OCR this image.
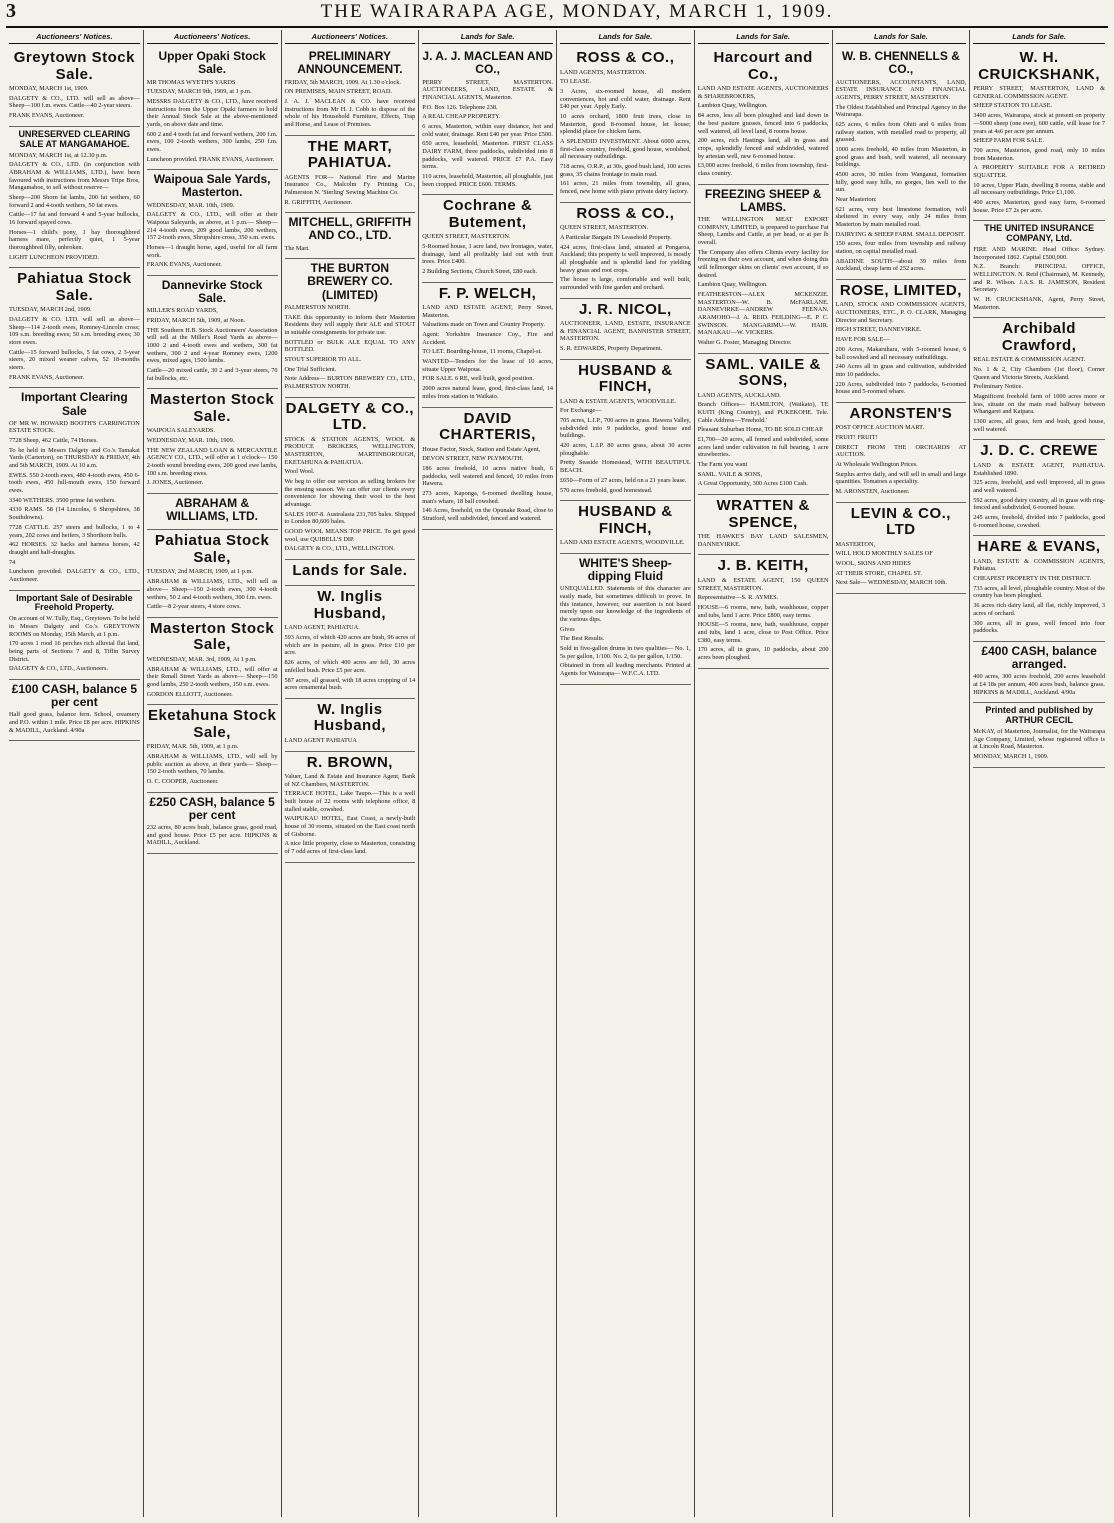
3	THE WAIRARAPA AGE, MONDAY, MARCH 1, 1909.
Auctioneers' Notices.
Greytown Stock Sale.

MONDAY, MARCH 1st, 1909.

DALGETY & CO., LTD. will sell as above— Sheep—100 f.m. ewes. Cattle—40 2-year steers.

FRANK EVANS, Auctioneer.

UNRESERVED CLEARING SALE AT MANGAMAHOE.

MONDAY, MARCH 1st, at 12.30 p.m.

DALGETY & CO., LTD. (in conjunction with ABRAHAM & WILLIAMS, LTD.), have been favoured with instructions from Messrs Tripe Bros, Mangamahoe, to sell without reserve—

Sheep—200 Shorn fat lambs, 200 fat wethers, 60 forward 2 and 4-tooth wethers, 50 fat ewes.

Cattle—17 fat and forward 4 and 5-year bullocks, 16 forward spayed cows.

Horses—1 child's pony, 1 bay thoroughbred harness mare, perfectly quiet, 1 5-year thoroughbred filly, unbroken.

LIGHT LUNCHEON PROVIDED.

Pahiatua Stock Sale.

TUESDAY, MARCH 2nd, 1909.

DALGETY & CO. LTD. will sell as above— Sheep—114 2-tooth ewes, Romney-Lincoln cross; 109 s.m. breeding ewes; 50 s.m. breeding ewes; 30 store ewes.

Cattle—15 forward bullocks, 5 fat cows, 2 3-year steers, 20 mixed weaner calves, 52 18-months steers.

FRANK EVANS, Auctioneer.

Important Clearing Sale

OF MR W. HOWARD BOOTH'S CARRINGTON ESTATE STOCK.

7728 Sheep, 462 Cattle, 74 Horses.

To be held in Messrs Dalgety and Co.'s Tamakai Yards (Carterton), on THURSDAY & FRIDAY, 4th and 5th MARCH, 1909. At 10 a.m.

EWES. 550 2-tooth ewes, 480 4-tooth ewes, 450 6-tooth ewes, 450 full-mouth ewes, 150 forward ewes.

3340 WETHERS. 3500 prime fat wethers.

4330 RAMS. 58 (14 Lincolns, 6 Shropshires, 38 Southdowns).

7728 CATTLE. 257 steers and bullocks, 1 to 4 years, 202 cows and heifers, 3 Shorthorn bulls.

462 HORSES. 32 hacks and harness horses, 42 draught and half-draughts.

74

Luncheon provided. DALGETY & CO., LTD., Auctioneer.

Important Sale of Desirable Freehold Property.

On account of W. Tully, Esq., Greytown. To be held in Messrs Dalgety and Co.'s GREYTOWN ROOMS on Monday, 15th March, at 1 p.m.

170 acres 1 rood 16 perches rich alluvial flat land, being parts of Sections 7 and 8, Tiffin Survey District.

DALGETY & CO., LTD., Auctioneers.

£100 CASH, balance 5 per cent

Half good grass, balance fern. School, creamery and P.O. within 1 mile. Price £8 per acre. HIPKINS & MADILL, Auckland. 4/90a

Auctioneers' Notices.
Upper Opaki Stock Sale.

MR THOMAS WYETH'S YARDS

TUESDAY, MARCH 9th, 1909, at 1 p.m.

MESSRS DALGETY & CO., LTD., have received instructions from the Upper Opaki farmers to hold their Annual Stock Sale at the above-mentioned yards, on above date and time.

600 2 and 4 tooth fat and forward wethers, 200 f.m. ewes, 100 2-tooth wethers, 300 lambs, 250 f.m. ewes.

Luncheon provided. FRANK EVANS, Auctioneer.

Waipoua Sale Yards, Masterton.

WEDNESDAY, MAR. 10th, 1909.

DALGETY & CO., LTD., will offer at their Waipoua Saleyards, as above, at 1 p.m.— Sheep—214 4-tooth ewes, 209 good lambs, 200 wethers, 157 2-tooth ewes, Shropshire cross, 350 s.m. ewes.

Horses—1 draught horse, aged, useful for all farm work.

FRANK EVANS, Auctioneer.

Dannevirke Stock Sale.

MILLER'S ROAD YARDS,

FRIDAY, MARCH 5th, 1909, at Noon.

THE Southern H.B. Stock Auctioneers' Association will sell at the Miller's Road Yards as above— 1000 2 and 4-tooth ewes and wethers, 300 fat wethers, 300 2 and 4-year Romney ewes, 1200 ewes, mixed ages, 1500 lambs.

Cattle—20 mixed cattle, 30 2 and 3-year steers, 70 fat bullocks, etc.

Masterton Stock Sale.

WAIPOUA SALEYARDS.

WEDNESDAY, MAR. 10th, 1909.

THE NEW ZEALAND LOAN & MERCANTILE AGENCY CO., LTD., will offer at 1 o'clock— 150 2-tooth sound breeding ewes, 200 good ewe lambs, 100 s.m. breeding ewes.

J. JONES, Auctioneer.

ABRAHAM & WILLIAMS, LTD.
Pahiatua Stock Sale,

TUESDAY, 2nd MARCH, 1909, at 1 p.m.

ABRAHAM & WILLIAMS, LTD., will sell as above— Sheep—150 2-tooth ewes, 300 4-tooth wethers, 50 2 and 4-tooth wethers, 300 f.m. ewes.

Cattle—8 2-year steers, 4 store cows.

Masterton Stock Sale,

WEDNESDAY, MAR. 3rd, 1909, At 1 p.m.

ABRAHAM & WILLIAMS, LTD., will offer at their Renall Street Yards as above— Sheep—150 good lambs, 250 2-tooth wethers, 150 s.m. ewes.

GORDON ELLIOTT, Auctioneer.

Eketahuna Stock Sale,

FRIDAY, MAR. 5th, 1909, at 1 p.m.

ABRAHAM & WILLIAMS, LTD., will sell by public auction as above, at their yards— Sheep—150 2-tooth wethers, 70 lambs.

O. C. COOPER, Auctioneer.

£250 CASH, balance 5 per cent

232 acres, 80 acres bush, balance grass, good road, and good house. Price £5 per acre. HIPKINS & MADILL, Auckland.

Auctioneers' Notices.
PRELIMINARY ANNOUNCEMENT.

FRIDAY, 5th MARCH, 1909. At 1.30 o'clock.

ON PREMISES, MAIN STREET, ROAD.

J. A. J. MACLEAN & CO. have received instructions from Mr H. J. Cobb to dispose of the whole of his Household Furniture, Effects, Trap and Horse, and Lease of Premises.

THE MART, PAHIATUA.

AGENTS FOR— National Fire and Marine Insurance Co., Malcolm Fy Printing Co., Palmerston N. 'Sterling' Sewing Machine Co.

R. GRIFFITH, Auctioneer.

MITCHELL, GRIFFITH AND CO., LTD.

The Mart.

THE BURTON BREWERY CO. (LIMITED)

PALMERSTON NORTH.

TAKE this opportunity to inform their Masterton Residents they will supply their ALE and STOUT in suitable consignments for private use.

BOTTLED or BULK ALE EQUAL TO ANY BOTTLED.

STOUT SUPERIOR TO ALL.

One Trial Sufficient.

Note Address— BURTON BREWERY CO., LTD., PALMERSTON NORTH.

DALGETY & CO., LTD.

STOCK & STATION AGENTS, WOOL & PRODUCE BROKERS, WELLINGTON, MASTERTON, MARTINBOROUGH, EKETAHUNA & PAHIATUA.

Wool Wool.

We beg to offer our services as selling brokers for the ensuing season. We can offer our clients every convenience for showing their wool to the best advantage.

SALES 1907-8. Australasia 231,705 bales. Shipped to London 80,606 bales.

GOOD WOOL MEANS TOP PRICE. To get good wool, use QUIBELL'S DIP.

DALGETY & CO., LTD., WELLINGTON.

Lands for Sale.
W. Inglis Husband,

LAND AGENT, PAHIATUA.

593 Acres, of which 420 acres are bush, 96 acres of which are in pasture, all in grass. Price £10 per acre.

826 acres, of which 400 acres are fell, 30 acres unfelled bush. Price £5 per acre.

587 acres, all grassed, with 18 acres cropping of 14 acres ornamental bush.

W. Inglis Husband,

LAND AGENT PAHIATUA

R. BROWN,

Valuer, Land & Estate and Insurance Agent, Bank of NZ Chambers, MASTERTON.

TERRACE HOTEL, Lake Taupo.—This is a well built house of 22 rooms with telephone office, 8 stalled stable, cowshed.

WAIPUKAU HOTEL, East Coast, a newly-built house of 30 rooms, situated on the East coast north of Gisborne.

A nice little property, close to Masterton, consisting of 7 odd acres of first-class land.

Lands for Sale.
J. A. J. MACLEAN AND CO.,

PERRY STREET, MASTERTON. AUCTIONEERS, LAND, ESTATE & FINANCIAL AGENTS, Masterton.

P.O. Box 126. Telephone 238.

A REAL CHEAP PROPERTY.

6 acres, Masterton, within easy distance, hot and cold water, drainage. Rent £40 per year. Price £500.

650 acres, leasehold, Masterton. FIRST CLASS DAIRY FARM, three paddocks, subdivided into 8 paddocks, well watered. PRICE £7 P.A. Easy terms.

110 acres, leasehold, Masterton, all ploughable, just been cropped. PRICE £600. TERMS.

Cochrane & Butement,

QUEEN STREET, MASTERTON.

5-Roomed house, 1 acre land, two frontages, water, drainage, land all profitably laid out with fruit trees. Price £400.

2 Building Sections, Church Street, £80 each.

F. P. WELCH,

LAND AND ESTATE AGENT, Perry Street, Masterton.

Valuations made on Town and Country Property.

Agent: Yorkshire Insurance Coy., Fire and Accident.

TO LET. Boarding-house, 11 rooms, Chapel-st.

WANTED—Tenders for the lease of 10 acres, situate Upper Waipoua.

FOR SALE. 6 RE, well built, good position.

2000 acres natural lease, good, first-class land, 14 miles from station in Waikato.

DAVID CHARTERIS,

House Factor, Stock, Station and Estate Agent,

DEVON STREET, NEW PLYMOUTH.

186 acres freehold, 10 acres native bush, 6 paddocks, well watered and fenced, 10 miles from Hawera.

273 acres, Kaponga, 6-roomed dwelling house, man's whare, 18 ball cowshed.

146 Acres, freehold, on the Opunake Road, close to Stratford, well subdivided, fenced and watered.

Lands for Sale.
ROSS & CO.,

LAND AGENTS, MASTERTON.

TO LEASE.

3 Acres, six-roomed house, all modern conveniences, hot and cold water, drainage. Rent £40 per year. Apply Early.

10 acres orchard, 1800 fruit trees, close to Masterton, good 8-roomed house, let house; splendid place for chicken farm.

A SPLENDID INVESTMENT. About 6000 acres, first-class country, freehold, good house, woolshed, all necessary outbuildings.

718 acres, O.R.P., at 30s, good bush land, 100 acres grass, 35 chains frontage to main road.

161 acres, 21 miles from township, all grass, fenced, new home with piano private dairy factory.

ROSS & CO.,

QUEEN STREET, MASTERTON.

A Particular Bargain IN Leasehold Property.

424 acres, first-class land, situated at Pongaroa, Auckland; this property is well improved, is mostly all ploughable and is splendid land for yielding heavy grass and root crops.

The house is large, comfortable and well built, surrounded with fine garden and orchard.

J. R. NICOL,

AUCTIONEER, LAND, ESTATE, INSURANCE & FINANCIAL AGENT, BANNISTER STREET, MASTERTON.

S. R. EDWARDS, Property Department.

HUSBAND & FINCH,

LAND & ESTATE AGENTS, WOODVILLE.

For Exchange—

705 acres, L.I.P., 700 acres in grass. Hawera Valley, subdivided into 9 paddocks, good house and buildings.

420 acres, L.I.P. 80 acres grass, about 30 acres ploughable.

Pretty Seaside Homestead, WITH BEAUTIFUL BEACH.

£650—Form of 27 acres, held on a 21 years lease.

570 acres freehold, good homestead.

HUSBAND & FINCH,

LAND AND ESTATE AGENTS, WOODVILLE.

WHITE'S Sheep-dipping Fluid

UNEQUALLED. Statements of this character are easily made, but sometimes difficult to prove. In this instance, however, our assertion is not based merely upon our knowledge of the ingredients of the various dips.

Gives

The Best Results.

Sold in five-gallon drums in two qualities— No. 1, 5s per gallon, 1/100. No. 2, 6s per gallon, 1/150.

Obtained in from all leading merchants. Printed at Agents for Wairarapa— W.F.C.A. LTD.

Lands for Sale.
Harcourt and Co.,

LAND AND ESTATE AGENTS, AUCTIONEERS & SHAREBROKERS,

Lambton Quay, Wellington.

84 acres, less all been ploughed and laid down in the best pasture grasses, fenced into 6 paddocks, well watered, all level land, 8 rooms house.

200 acres, rich Hastings land, all in grass and crops, splendidly fenced and subdivided, watered by artesian well, new 6-roomed house.

£3,000 acres freehold, 6 miles from township, first-class country.

FREEZING SHEEP & LAMBS.

THE WELLINGTON MEAT EXPORT COMPANY, LIMITED, is prepared to purchase Fat Sheep, Lambs and Cattle, at per head, or at per lb overall.

The Company also offers Clients every facility for freezing on their own account, and when doing this will fellmonger skins on clients' own account, if so desired.

Lambton Quay, Wellington.

FEATHERSTON—ALEX MCKENZIE. MASTERTON—W. B. McFARLANE. DANNEVIRKE—ANDREW FEENAN. ARAMOHO—J. A. REID. FEILDING—E. P. C. SWINSON. MANGARIMU—W. HAIR. MANAKAU—W. VICKERS.

Walter G. Foster, Managing Director.

SAML. VAILE & SONS,

LAND AGENTS, AUCKLAND.

Branch Offices— HAMILTON, (Waikato), TE KUITI (King Country), and PUKEKOHE. Tele. Cable Address—'Freehold.'

Pleasant Suburban Home, TO BE SOLD CHEAP.

£1,700—20 acres, all ferned and subdivided, some acres land under cultivation in full bearing, 1 acre strawberries.

The Farm you want

SAML. VAILE & SONS,

A Great Opportunity, 300 Acres £100 Cash.

WRATTEN & SPENCE,

THE HAWKE'S BAY LAND SALESMEN, DANNEVIRKE.

J. B. KEITH,

LAND & ESTATE AGENT, 150 QUEEN STREET, MASTERTON.

Representative—S. R. AYMES.

HOUSE—6 rooms, new, bath, washhouse, copper and tubs, land 1 acre. Price £800, easy terms.

HOUSE—5 rooms, new, bath, washhouse, copper and tubs, land 1 acre, close to Post Office. Price £380, easy terms.

170 acres, all in grass, 10 paddocks, about 200 acres been ploughed.

Lands for Sale.
W. B. CHENNELLS & CO.,

AUCTIONEERS, ACCOUNTANTS, LAND, ESTATE INSURANCE AND FINANCIAL AGENTS, PERRY STREET, MASTERTON.

The Oldest Established and Principal Agency in the Wairarapa.

625 acres, 6 miles from Ohiti and 6 miles from railway station, with metalled road to property, all grassed.

1000 acres freehold, 40 miles from Masterton, in good grass and bush, well watered, all necessary buildings.

4500 acres, 30 miles from Wanganui, formation hilly, good easy hills, no gorges, lies well to the sun.

Near Masterton:

621 acres, very best limestone formation, well sheltered in every way, only 24 miles from Masterton by main metalled road.

DAIRYING & SHEEP FARM. SMALL DEPOSIT.

150 acres, four miles from township and railway station, on capital metalled road.

ABADINE SOUTH—about 39 miles from Auckland, cheap farm of 252 acres.

ROSE, LIMITED,

LAND, STOCK AND COMMISSION AGENTS, AUCTIONEERS, ETC., P. O. CLARK, Managing Director and Secretary.

HIGH STREET, DANNEVIRKE.

HAVE FOR SALE—

200 Acres, Makaruhara, with 5-roomed house, 6 ball cowshed and all necessary outbuildings.

240 Acres all in grass and cultivation, subdivided into 10 paddocks.

220 Acres, subdivided into 7 paddocks, 6-roomed house and 5-roomed whare.

ARONSTEN'S

POST OFFICE AUCTION MART.

FRUIT! FRUIT!

DIRECT FROM THE ORCHARDS AT AUCTION.

At Wholesale Wellington Prices.

Surplus arrive daily, and will sell in small and large quantities. Tomatoes a speciality.

M. ARONSTEN, Auctioneer.

LEVIN & CO., LTD

MASTERTON,

WILL HOLD MONTHLY SALES OF

WOOL, SKINS AND HIDES

AT THEIR STORE, CHAPEL ST.

Next Sale— WEDNESDAY, MARCH 10th.

Lands for Sale.
W. H. CRUICKSHANK,

PERRY STREET, MASTERTON, LAND & GENERAL COMMISSION AGENT.

SHEEP STATION TO LEASE.

3400 acres, Wairarapa, stock at present on property—5000 sheep (one ewe), 600 cattle, will lease for 7 years at 4s6 per acre per annum.

SHEEP FARM FOR SALE.

700 acres, Masterton, good road, only 10 miles from Masterton.

A PROPERTY SUITABLE FOR A RETIRED SQUATTER.

10 acres, Upper Plain, dwelling 8 rooms, stable and all necessary outbuildings. Price £1,100.

400 acres, Masterton, good easy farm, 6-roomed house. Price £7 2s per acre.

THE UNITED INSURANCE COMPANY, Ltd.

FIRE AND MARINE. Head Office: Sydney. Incorporated 1862. Capital £500,000.

N.Z. Branch: PRINCIPAL OFFICE, WELLINGTON. N. Reid (Chairman), M. Kennedy, and R. Wilson. J.A.S. R. JAMESON, Resident Secretary.

W. H. CRUICKSHANK, Agent, Perry Street, Masterton.

Archibald Crawford,

REAL ESTATE & COMMISSION AGENT.

No. 1 & 2, City Chambers (1st floor), Corner Queen and Victoria Streets, Auckland.

Preliminary Notice.

Magnificent freehold farm of 1000 acres more or less, situate on the main road halfway between Whangarei and Kaipara.

1300 acres, all grass, fern and bush, good house, well watered.

J. D. C. CREWE

LAND & ESTATE AGENT, PAHIATUA. Established 1890.

325 acres, freehold, and well improved, all in grass and well watered.

592 acres, good dairy country, all in grass with ring-fenced and subdivided, 6-roomed house.

245 acres, freehold, divided into 7 paddocks, good 6-roomed house, cowshed.

HARE & EVANS,

LAND, ESTATE & COMMISSION AGENTS, Pahiatua.

CHEAPEST PROPERTY IN THE DISTRICT.

733 acres, all level, ploughable country. Most of the country has been ploughed.

36 acres rich dairy land, all flat, richly improved, 3 acres of orchard.

300 acres, all in grass, well fenced into four paddocks.

£400 CASH, balance arranged.

400 acres, 300 acres freehold, 200 acres leasehold at £4 18s per annum, 400 acres bush, balance grass. HIPKINS & MADILL, Auckland. 4/90a

Printed and published by ARTHUR CECIL

McKAY, of Masterton, Journalist, for the Wairarapa Age Company, Limited, whose registered office is at Lincoln Road, Masterton.

MONDAY, MARCH 1, 1909.
